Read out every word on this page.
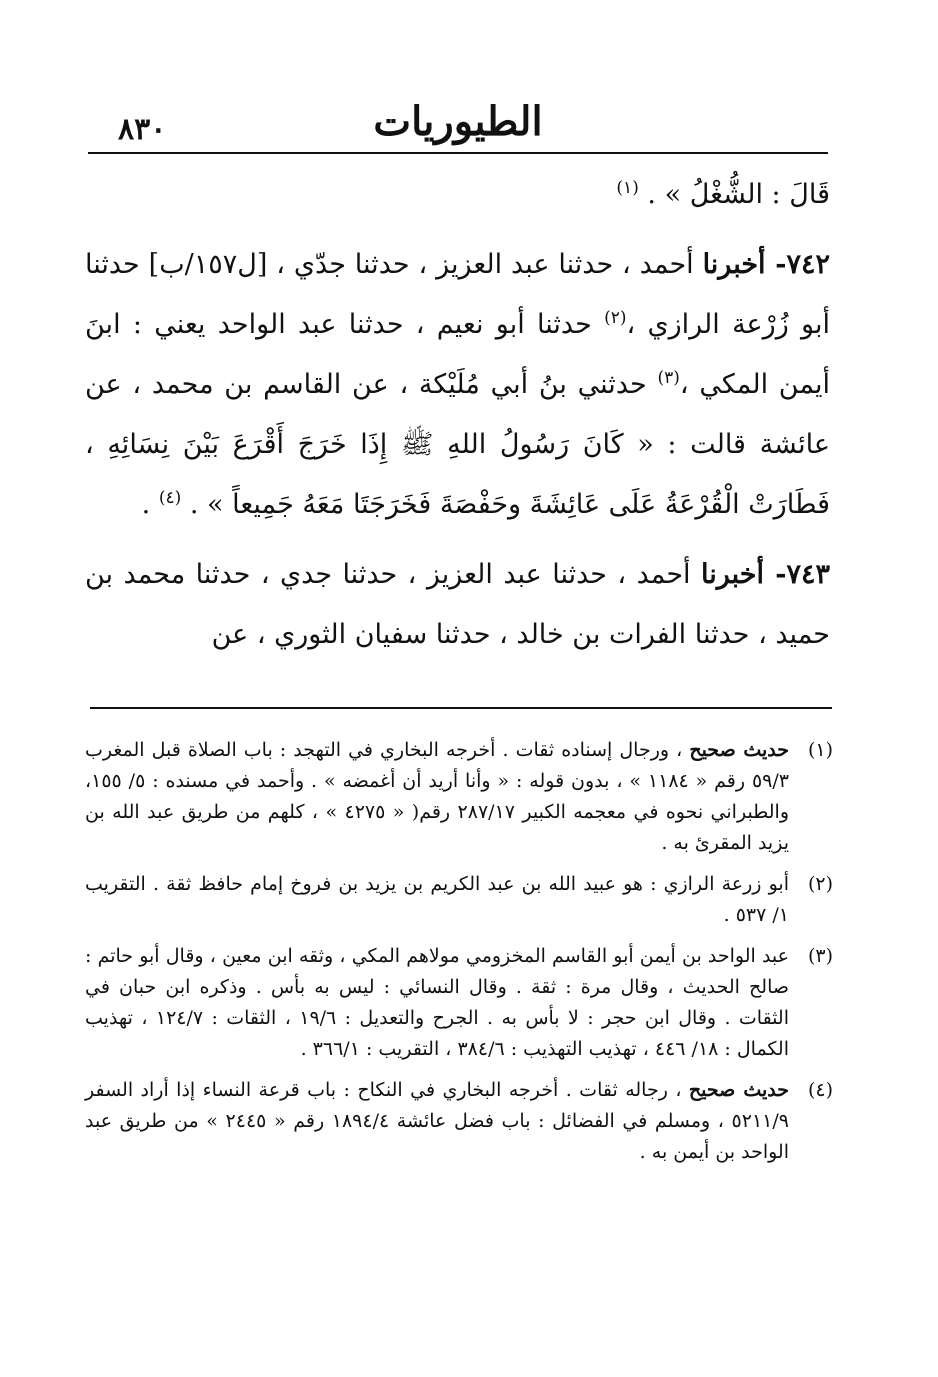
٨٣٠	الطيوريات

قَالَ : الشُّغْلُ » . $^{(١)}$

٧٤٢- أخبرنا أحمد ، حدثنا عبد العزيز ، حدثنا جدّي ، [ل١٥٧/ب] حدثنا أبو زُرْعة الرازي ،$^{(٢)}$ حدثنا أبو نعيم ، حدثنا عبد الواحد يعني : ابنَ أيمن المكي ،$^{(٣)}$ حدثني بنُ أبي مُلَيْكة ، عن القاسم بن محمد ، عن عائشة قالت : « كَانَ رَسُولُ اللهِ ﷺ إِذَا خَرَجَ أَقْرَعَ بَيْنَ نِسَائِهِ ، فَطَارَتْ الْقُرْعَةُ عَلَى عَائِشَةَ وحَفْصَةَ فَخَرَجَتَا مَعَهُ جَمِيعاً » . $^{(٤)}$ .

٧٤٣- أخبرنا أحمد ، حدثنا عبد العزيز ، حدثنا جدي ، حدثنا محمد بن حميد ، حدثنا الفرات بن خالد ، حدثنا سفيان الثوري ، عن

(١)
حديث صحيح ، ورجال إسناده ثقات . أخرجه البخاري في التهجد : باب الصلاة قبل المغرب ٥٩/٣ رقم « ١١٨٤ » ، بدون قوله : « وأنا أريد أن أغمضه » . وأحمد في مسنده : ٥/ ١٥٥، والطبراني نحوه في معجمه الكبير ٢٨٧/١٧ رقم( « ٤٢٧٥ » ، كلهم من طريق عبد الله بن يزيد المقرئ به .
(٢)
أبو زرعة الرازي : هو عبيد الله بن عبد الكريم بن يزيد بن فروخ إمام حافظ ثقة . التقريب ١/ ٥٣٧ .
(٣)
عبد الواحد بن أيمن أبو القاسم المخزومي مولاهم المكي ، وثقه ابن معين ، وقال أبو حاتم : صالح الحديث ، وقال مرة : ثقة . وقال النسائي : ليس به بأس . وذكره ابن حبان في الثقات . وقال ابن حجر : لا بأس به . الجرح والتعديل : ١٩/٦ ، الثقات : ١٢٤/٧ ، تهذيب الكمال : ١٨/ ٤٤٦ ، تهذيب التهذيب : ٣٨٤/٦ ، التقريب : ٣٦٦/١ .
(٤)
حديث صحيح ، رجاله ثقات . أخرجه البخاري في النكاح : باب قرعة النساء إذا أراد السفر ٥٢١١/٩ ، ومسلم في الفضائل : باب فضل عائشة ١٨٩٤/٤ رقم « ٢٤٤٥ » من طريق عبد الواحد بن أيمن به .
